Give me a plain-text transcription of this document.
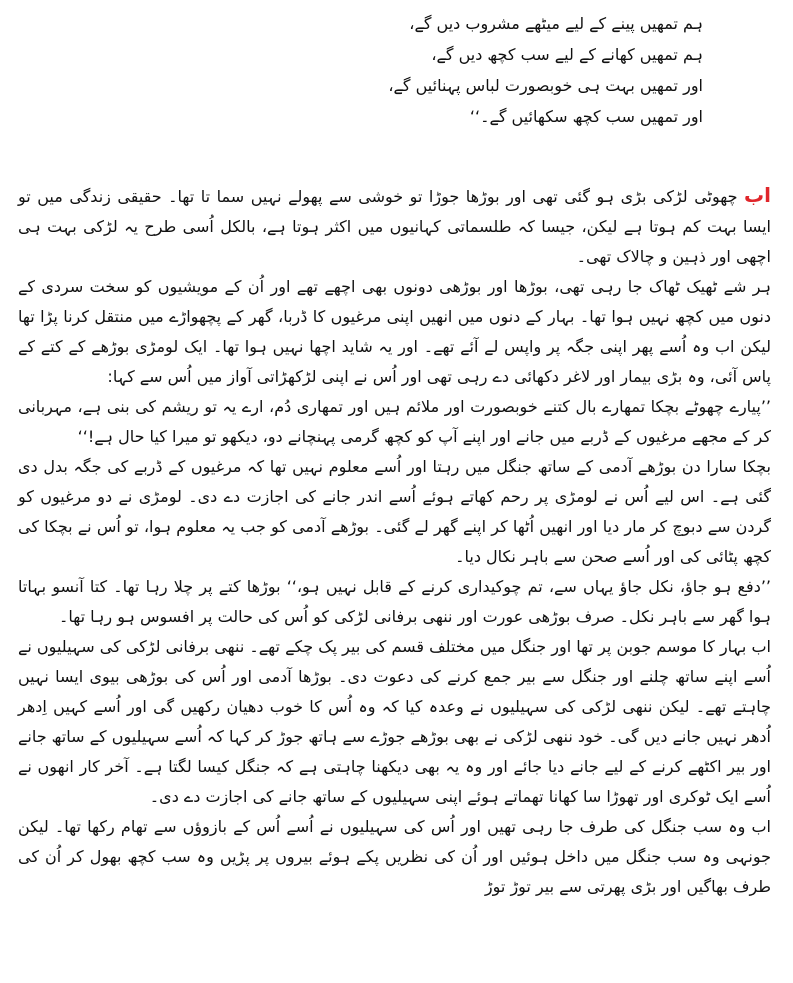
ہم تمھیں پینے کے لیے میٹھے مشروب دیں گے،
ہم تمھیں کھانے کے لیے سب کچھ دیں گے،
اور تمھیں بہت ہی خوبصورت لباس پہنائیں گے،
اور تمھیں سب کچھ سکھائیں گے۔‘‘

اب چھوٹی لڑکی بڑی ہو گئی تھی اور بوڑھا جوڑا تو خوشی سے پھولے نہیں سما تا تھا۔ حقیقی زندگی میں تو ایسا بہت کم ہوتا ہے لیکن، جیسا کہ طلسماتی کہانیوں میں اکثر ہوتا ہے، بالکل اُسی طرح یہ لڑکی بہت ہی اچھی اور ذہین و چالاک تھی۔

ہر شے ٹھیک ٹھاک جا رہی تھی، بوڑھا اور بوڑھی دونوں بھی اچھے تھے اور اُن کے مویشیوں کو سخت سردی کے دنوں میں کچھ نہیں ہوا تھا۔ بہار کے دنوں میں انھیں اپنی مرغیوں کا ڈربا، گھر کے پچھواڑے میں منتقل کرنا پڑا تھا لیکن اب وہ اُسے پھر اپنی جگہ پر واپس لے آئے تھے۔ اور یہ شاید اچھا نہیں ہوا تھا۔ ایک لومڑی بوڑھے کے کتے کے پاس آئی، وہ بڑی بیمار اور لاغر دکھائی دے رہی تھی اور اُس نے اپنی لڑکھڑاتی آواز میں اُس سے کہا:

’’پیارے چھوٹے بچکا تمھارے بال کتنے خوبصورت اور ملائم ہیں اور تمھاری دُم، ارے یہ تو ریشم کی بنی ہے، مہربانی کر کے مجھے مرغیوں کے ڈربے میں جانے اور اپنے آپ کو کچھ گرمی پہنچانے دو، دیکھو تو میرا کیا حال ہے!‘‘

بچکا سارا دن بوڑھے آدمی کے ساتھ جنگل میں رہتا اور اُسے معلوم نہیں تھا کہ مرغیوں کے ڈربے کی جگہ بدل دی گئی ہے۔ اس لیے اُس نے لومڑی پر رحم کھاتے ہوئے اُسے اندر جانے کی اجازت دے دی۔ لومڑی نے دو مرغیوں کو گردن سے دبوچ کر مار دیا اور انھیں اُٹھا کر اپنے گھر لے گئی۔ بوڑھے آدمی کو جب یہ معلوم ہوا، تو اُس نے بچکا کی کچھ پٹائی کی اور اُسے صحن سے باہر نکال دیا۔

’’دفع ہو جاؤ، نکل جاؤ یہاں سے، تم چوکیداری کرنے کے قابل نہیں ہو،‘‘ بوڑھا کتے پر چلا رہا تھا۔ کتا آنسو بہاتا ہوا گھر سے باہر نکل۔ صرف بوڑھی عورت اور ننھی برفانی لڑکی کو اُس کی حالت پر افسوس ہو رہا تھا۔

اب بہار کا موسم جوبن پر تھا اور جنگل میں مختلف قسم کی بیر پک چکے تھے۔ ننھی برفانی لڑکی کی سہیلیوں نے اُسے اپنے ساتھ چلنے اور جنگل سے بیر جمع کرنے کی دعوت دی۔ بوڑھا آدمی اور اُس کی بوڑھی بیوی ایسا نہیں چاہتے تھے۔ لیکن ننھی لڑکی کی سہیلیوں نے وعدہ کیا کہ وہ اُس کا خوب دھیان رکھیں گی اور اُسے کہیں اِدھر اُدھر نہیں جانے دیں گی۔ خود ننھی لڑکی نے بھی بوڑھے جوڑے سے ہاتھ جوڑ کر کہا کہ اُسے سہیلیوں کے ساتھ جانے اور بیر اکٹھے کرنے کے لیے جانے دیا جائے اور وہ یہ بھی دیکھنا چاہتی ہے کہ جنگل کیسا لگتا ہے۔ آخر کار انھوں نے اُسے ایک ٹوکری اور تھوڑا سا کھانا تھماتے ہوئے اپنی سہیلیوں کے ساتھ جانے کی اجازت دے دی۔

اب وہ سب جنگل کی طرف جا رہی تھیں اور اُس کی سہیلیوں نے اُسے اُس کے بازوؤں سے تھام رکھا تھا۔ لیکن جونہی وہ سب جنگل میں داخل ہوئیں اور اُن کی نظریں پکے ہوئے بیروں پر پڑیں وہ سب کچھ بھول کر اُن کی طرف بھاگیں اور بڑی پھرتی سے بیر توڑ توڑ
